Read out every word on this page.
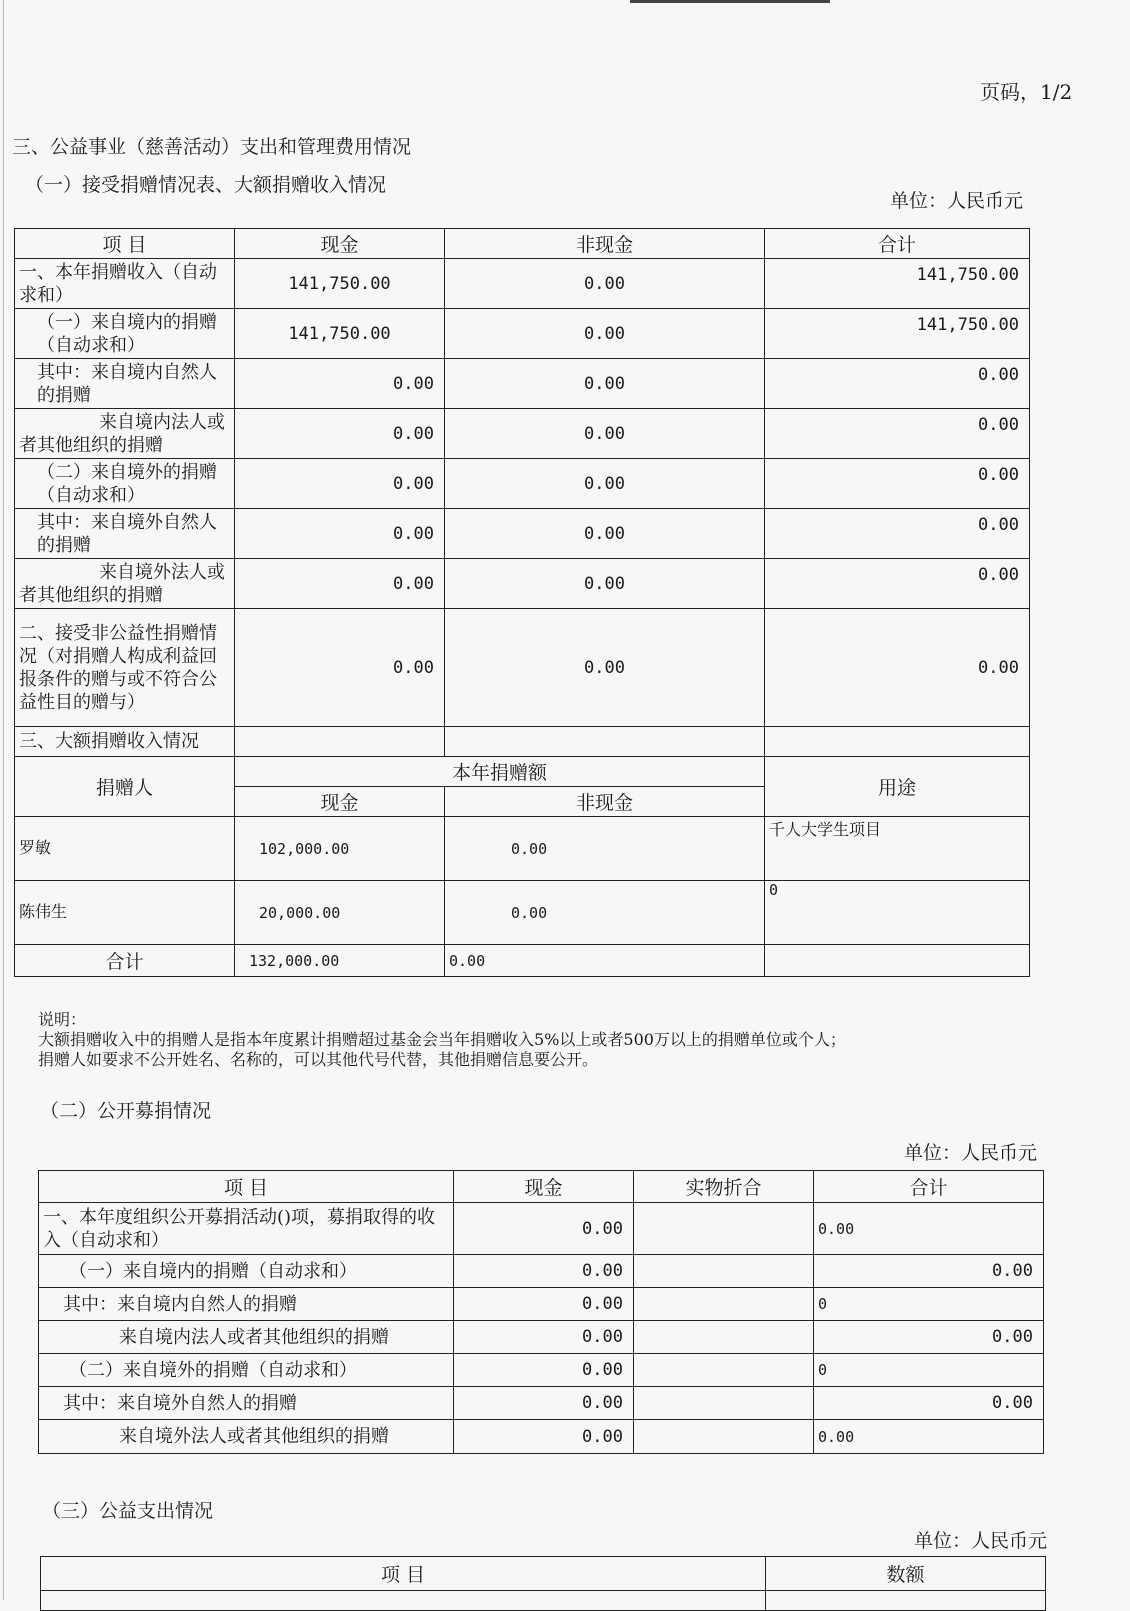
页码，1/2
三、公益事业（慈善活动）支出和管理费用情况
（一）接受捐赠情况表、大额捐赠收入情况
单位：人民币元
项 目	现金	非现金	合计
一、本年捐赠收入（自动求和）	141,750.00	0.00	141,750.00
（一）来自境内的捐赠（自动求和）	141,750.00	0.00	141,750.00
其中：来自境内自然人的捐赠	0.00	0.00	0.00
来自境内法人或者其他组织的捐赠	0.00	0.00	0.00
（二）来自境外的捐赠（自动求和）	0.00	0.00	0.00
其中：来自境外自然人的捐赠	0.00	0.00	0.00
来自境外法人或者其他组织的捐赠	0.00	0.00	0.00
二、接受非公益性捐赠情况（对捐赠人构成利益回报条件的赠与或不符合公益性目的赠与）	0.00	0.00	0.00
三、大额捐赠收入情况			
捐赠人	本年捐赠额		用途
	现金	非现金	
罗敏	102,000.00	0.00	千人大学生项目
陈伟生	20,000.00	0.00	0
合计	132,000.00	0.00	
说明：
大额捐赠收入中的捐赠人是指本年度累计捐赠超过基金会当年捐赠收入5%以上或者500万以上的捐赠单位或个人；
捐赠人如要求不公开姓名、名称的，可以其他代号代替，其他捐赠信息要公开。
（二）公开募捐情况
单位：人民币元
项 目	现金	实物折合	合计
一、本年度组织公开募捐活动()项，募捐取得的收入（自动求和）	0.00		0.00
（一）来自境内的捐赠（自动求和）	0.00		0.00
其中：来自境内自然人的捐赠	0.00		0
来自境内法人或者其他组织的捐赠	0.00		0.00
（二）来自境外的捐赠（自动求和）	0.00		0
其中：来自境外自然人的捐赠	0.00		0.00
来自境外法人或者其他组织的捐赠	0.00		0.00
（三）公益支出情况
单位：人民币元
项 目	数额
